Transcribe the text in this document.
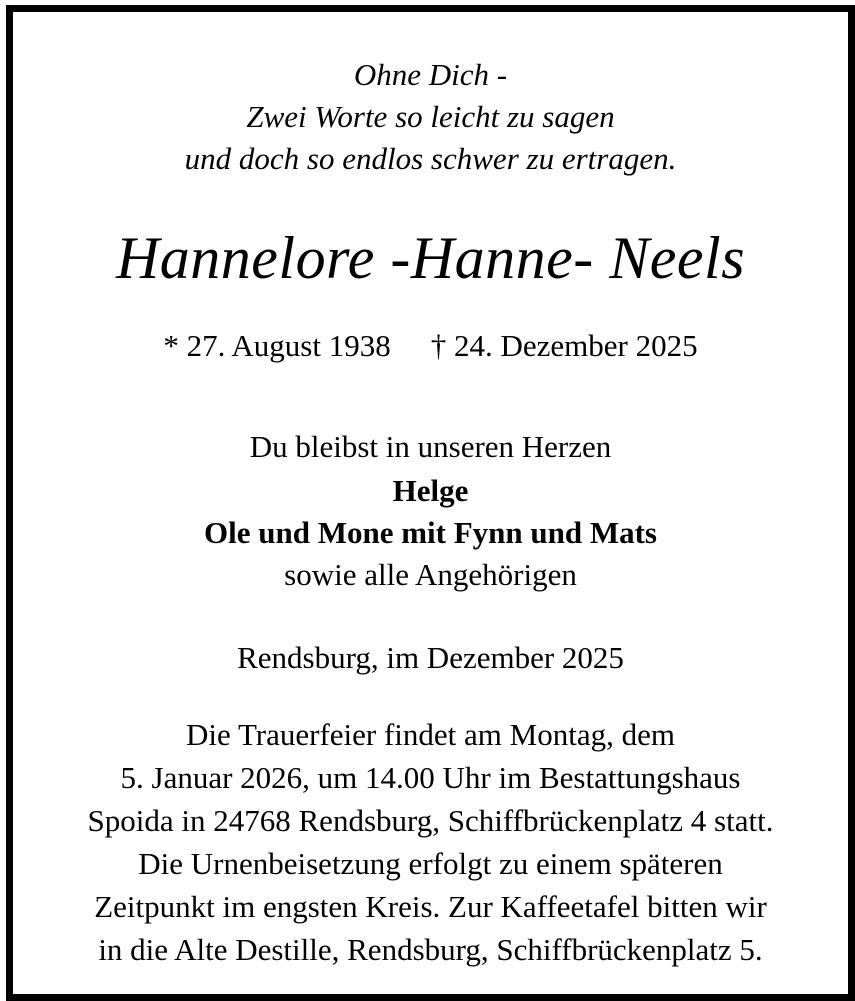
Ohne Dich -
Zwei Worte so leicht zu sagen
und doch so endlos schwer zu ertragen.
Hannelore -Hanne- Neels
* 27. August 1938 † 24. Dezember 2025
Du bleibst in unseren Herzen
Helge
Ole und Mone mit Fynn und Mats
sowie alle Angehörigen
Rendsburg, im Dezember 2025
Die Trauerfeier findet am Montag, dem
5. Januar 2026, um 14.00 Uhr im Bestattungshaus
Spoida in 24768 Rendsburg, Schiffbrückenplatz 4 statt.
Die Urnenbeisetzung erfolgt zu einem späteren
Zeitpunkt im engsten Kreis. Zur Kaffeetafel bitten wir
in die Alte Destille, Rendsburg, Schiffbrückenplatz 5.
